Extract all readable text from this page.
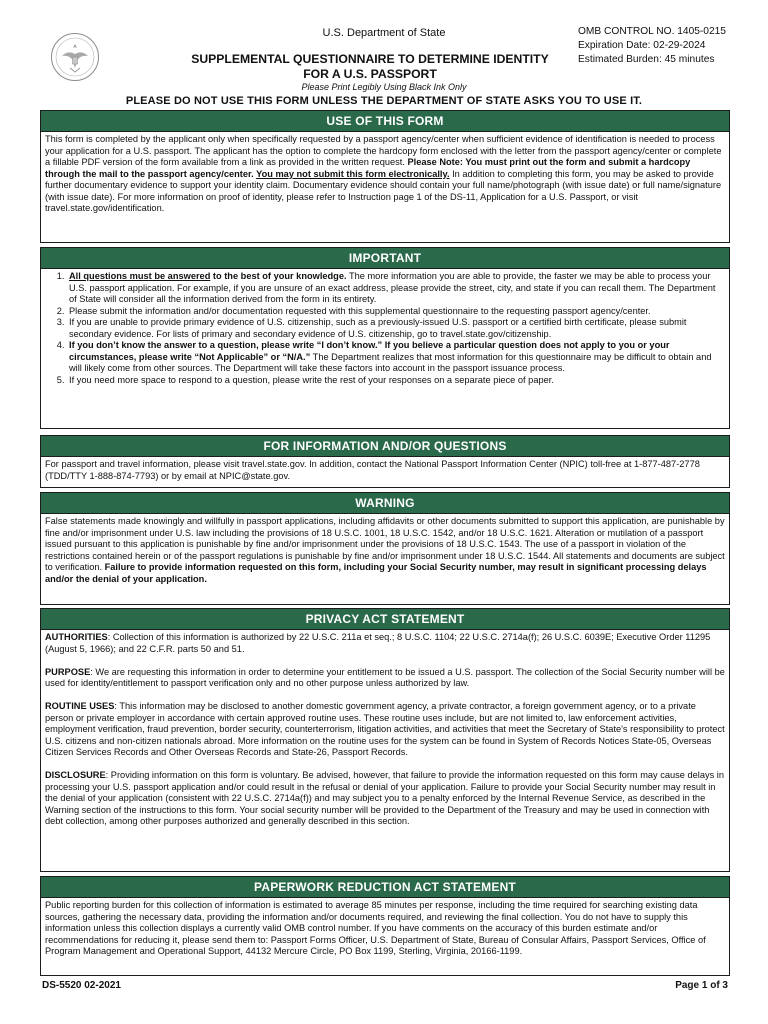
U.S. Department of State
SUPPLEMENTAL QUESTIONNAIRE TO DETERMINE IDENTITY
FOR A U.S. PASSPORT
Please Print Legibly Using Black Ink Only
OMB CONTROL NO. 1405-0215
Expiration Date: 02-29-2024
Estimated Burden: 45 minutes
PLEASE DO NOT USE THIS FORM UNLESS THE DEPARTMENT OF STATE ASKS YOU TO USE IT.
USE OF THIS FORM

This form is completed by the applicant only when specifically requested by a passport agency/center when sufficient evidence of identification is needed to process your application for a U.S. passport. The applicant has the option to complete the hardcopy form enclosed with the letter from the passport agency/center or complete a fillable PDF version of the form available from a link as provided in the written request. Please Note: You must print out the form and submit a hardcopy through the mail to the passport agency/center. You may not submit this form electronically. In addition to completing this form, you may be asked to provide further documentary evidence to support your identity claim. Documentary evidence should contain your full name/photograph (with issue date) or full name/signature (with issue date). For more information on proof of identity, please refer to Instruction page 1 of the DS-11, Application for a U.S. Passport, or visit travel.state.gov/identification.

IMPORTANT
1. All questions must be answered to the best of your knowledge. The more information you are able to provide, the faster we may be able to process your U.S. passport application. For example, if you are unsure of an exact address, please provide the street, city, and state if you can recall them. The Department of State will consider all the information derived from the form in its entirety.
2. Please submit the information and/or documentation requested with this supplemental questionnaire to the requesting passport agency/center.
3. If you are unable to provide primary evidence of U.S. citizenship, such as a previously-issued U.S. passport or a certified birth certificate, please submit secondary evidence. For lists of primary and secondary evidence of U.S. citizenship, go to travel.state.gov/citizenship.
4. If you don’t know the answer to a question, please write “I don’t know.” If you believe a particular question does not apply to you or your circumstances, please write “Not Applicable” or “N/A.” The Department realizes that most information for this questionnaire may be difficult to obtain and will likely come from other sources. The Department will take these factors into account in the passport issuance process.
5. If you need more space to respond to a question, please write the rest of your responses on a separate piece of paper.
FOR INFORMATION AND/OR QUESTIONS

For passport and travel information, please visit travel.state.gov. In addition, contact the National Passport Information Center (NPIC) toll-free at 1-877-487-2778 (TDD/TTY 1-888-874-7793) or by email at NPIC@state.gov.

WARNING

False statements made knowingly and willfully in passport applications, including affidavits or other documents submitted to support this application, are punishable by fine and/or imprisonment under U.S. law including the provisions of 18 U.S.C. 1001, 18 U.S.C. 1542, and/or 18 U.S.C. 1621. Alteration or mutilation of a passport issued pursuant to this application is punishable by fine and/or imprisonment under the provisions of 18 U.S.C. 1543. The use of a passport in violation of the restrictions contained herein or of the passport regulations is punishable by fine and/or imprisonment under 18 U.S.C. 1544. All statements and documents are subject to verification. Failure to provide information requested on this form, including your Social Security number, may result in significant processing delays and/or the denial of your application.

PRIVACY ACT STATEMENT

AUTHORITIES: Collection of this information is authorized by 22 U.S.C. 211a et seq.; 8 U.S.C. 1104; 22 U.S.C. 2714a(f); 26 U.S.C. 6039E; Executive Order 11295 (August 5, 1966); and 22 C.F.R. parts 50 and 51.

PURPOSE: We are requesting this information in order to determine your entitlement to be issued a U.S. passport. The collection of the Social Security number will be used for identity/entitlement to passport verification only and no other purpose unless authorized by law.

ROUTINE USES: This information may be disclosed to another domestic government agency, a private contractor, a foreign government agency, or to a private person or private employer in accordance with certain approved routine uses. These routine uses include, but are not limited to, law enforcement activities, employment verification, fraud prevention, border security, counterterrorism, litigation activities, and activities that meet the Secretary of State's responsibility to protect U.S. citizens and non-citizen nationals abroad. More information on the routine uses for the system can be found in System of Records Notices State-05, Overseas Citizen Services Records and Other Overseas Records and State-26, Passport Records.

DISCLOSURE: Providing information on this form is voluntary. Be advised, however, that failure to provide the information requested on this form may cause delays in processing your U.S. passport application and/or could result in the refusal or denial of your application. Failure to provide your Social Security number may result in the denial of your application (consistent with 22 U.S.C. 2714a(f)) and may subject you to a penalty enforced by the Internal Revenue Service, as described in the Warning section of the instructions to this form. Your social security number will be provided to the Department of the Treasury and may be used in connection with debt collection, among other purposes authorized and generally described in this section.

PAPERWORK REDUCTION ACT STATEMENT

Public reporting burden for this collection of information is estimated to average 85 minutes per response, including the time required for searching existing data sources, gathering the necessary data, providing the information and/or documents required, and reviewing the final collection. You do not have to supply this information unless this collection displays a currently valid OMB control number. If you have comments on the accuracy of this burden estimate and/or recommendations for reducing it, please send them to: Passport Forms Officer, U.S. Department of State, Bureau of Consular Affairs, Passport Services, Office of Program Management and Operational Support, 44132 Mercure Circle, PO Box 1199, Sterling, Virginia, 20166-1199.

DS-5520 02-2021	Page 1 of 3
